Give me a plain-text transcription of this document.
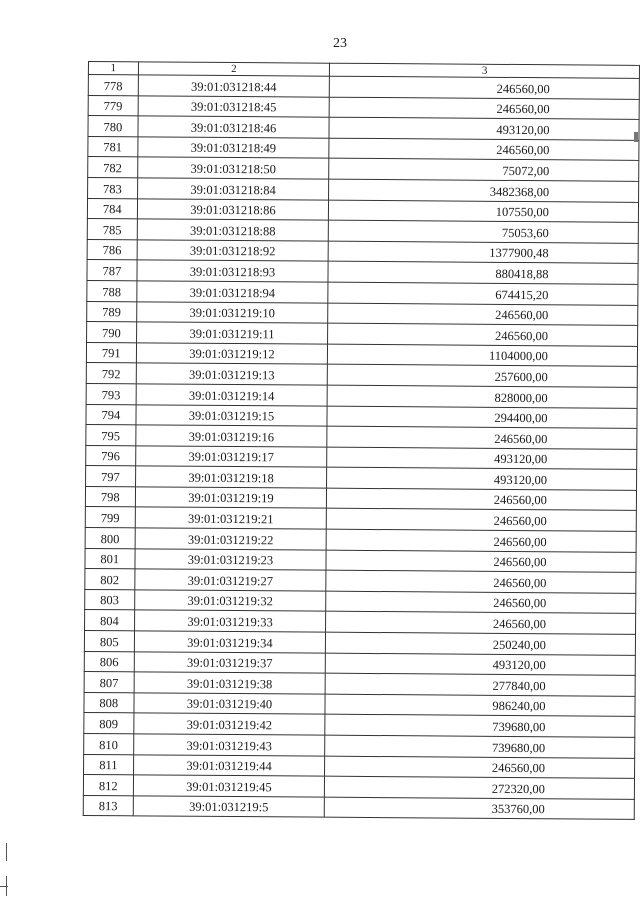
23
1	2	3
778	39:01:031218:44	246560,00
779	39:01:031218:45	246560,00
780	39:01:031218:46	493120,00
781	39:01:031218:49	246560,00
782	39:01:031218:50	75072,00
783	39:01:031218:84	3482368,00
784	39:01:031218:86	107550,00
785	39:01:031218:88	75053,60
786	39:01:031218:92	1377900,48
787	39:01:031218:93	880418,88
788	39:01:031218:94	674415,20
789	39:01:031219:10	246560,00
790	39:01:031219:11	246560,00
791	39:01:031219:12	1104000,00
792	39:01:031219:13	257600,00
793	39:01:031219:14	828000,00
794	39:01:031219:15	294400,00
795	39:01:031219:16	246560,00
796	39:01:031219:17	493120,00
797	39:01:031219:18	493120,00
798	39:01:031219:19	246560,00
799	39:01:031219:21	246560,00
800	39:01:031219:22	246560,00
801	39:01:031219:23	246560,00
802	39:01:031219:27	246560,00
803	39:01:031219:32	246560,00
804	39:01:031219:33	246560,00
805	39:01:031219:34	250240,00
806	39:01:031219:37	493120,00
807	39:01:031219:38	277840,00
808	39:01:031219:40	986240,00
809	39:01:031219:42	739680,00
810	39:01:031219:43	739680,00
811	39:01:031219:44	246560,00
812	39:01:031219:45	272320,00
813	39:01:031219:5	353760,00
